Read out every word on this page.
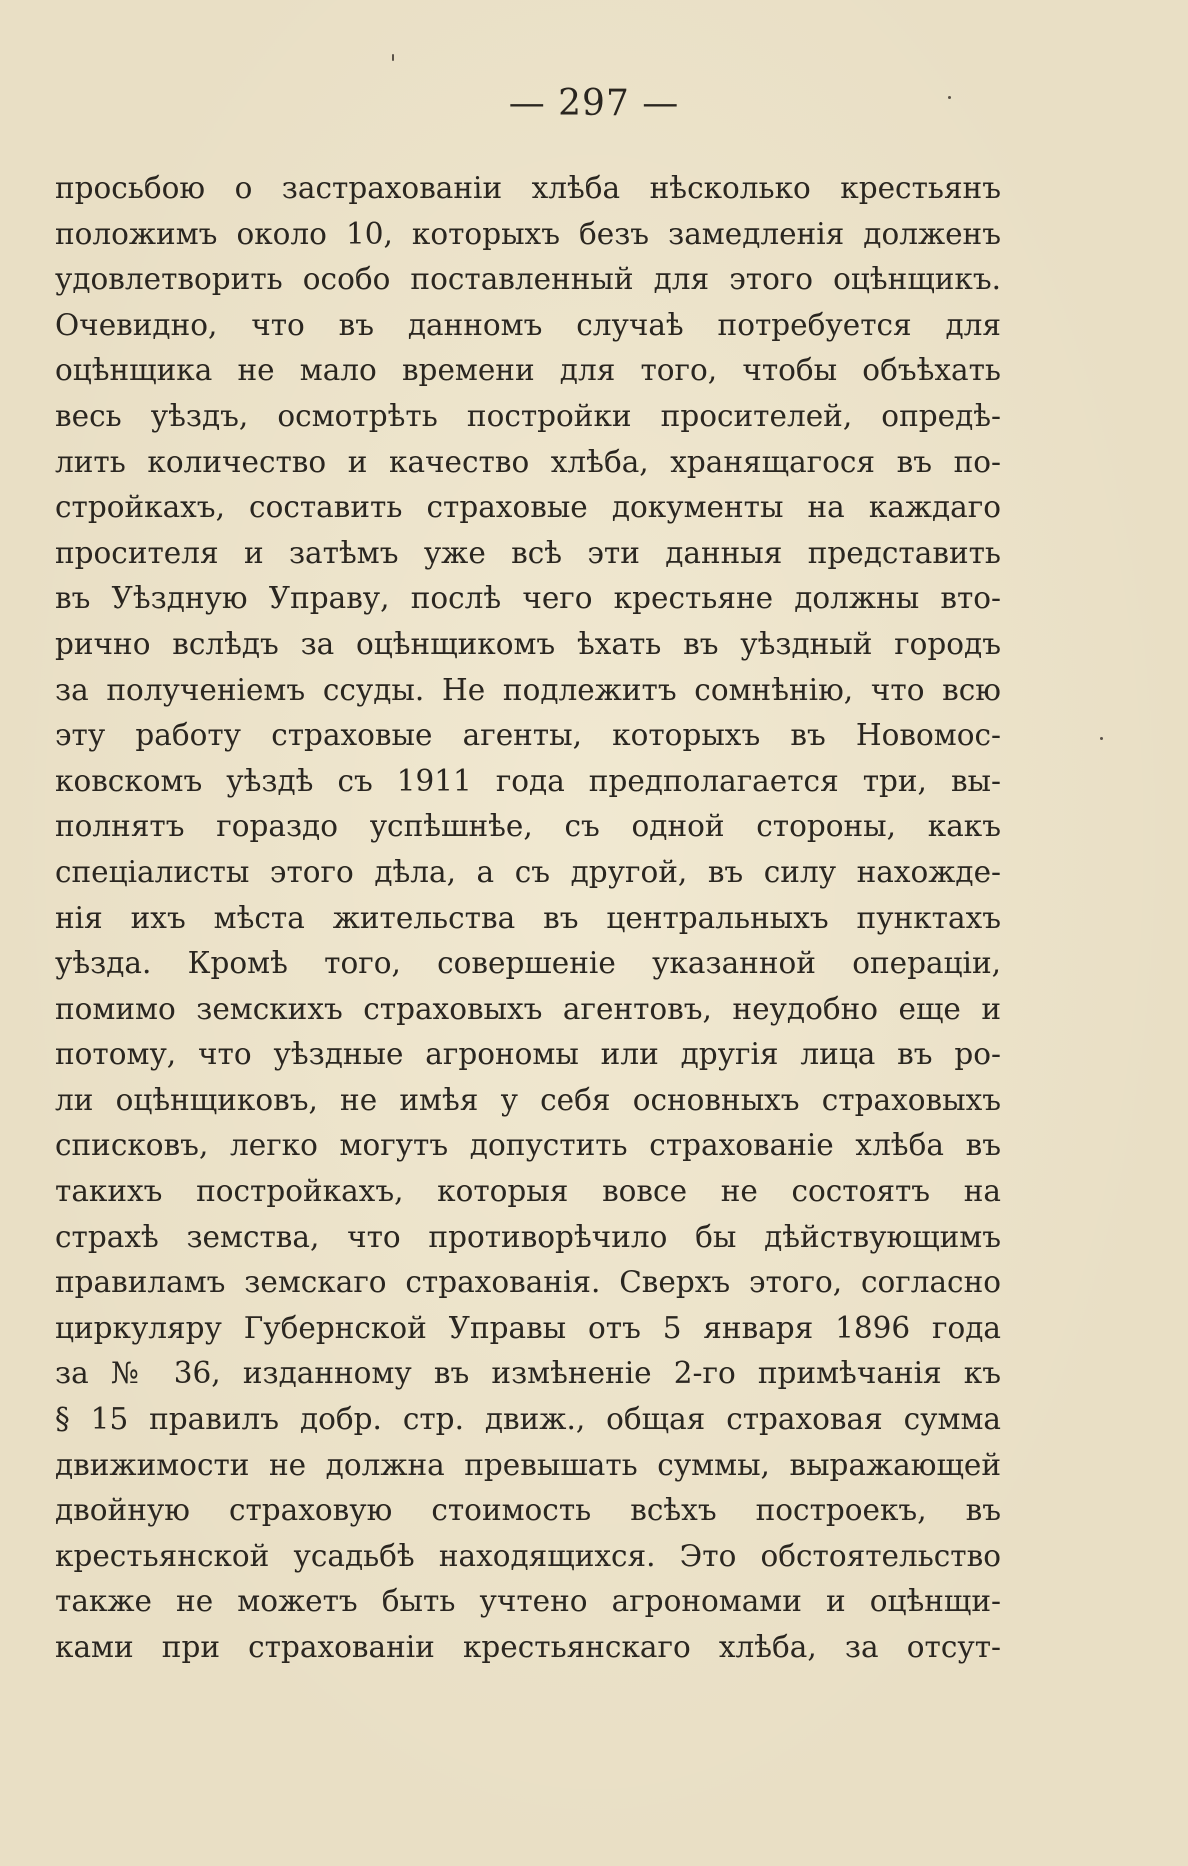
— 297 —
просьбою о застрахованіи хлѣба нѣсколько крестьянъ
положимъ около 10, которыхъ безъ замедленія долженъ
удовлетворить особо поставленный для этого оцѣнщикъ.
Очевидно, что въ данномъ случаѣ потребуется для
оцѣнщика не мало времени для того, чтобы объѣхать
весь уѣздъ, осмотрѣть постройки просителей, опредѣ-
лить количество и качество хлѣба, хранящагося въ по-
стройкахъ, составить страховые документы на каждаго
просителя и затѣмъ уже всѣ эти данныя представить
въ Уѣздную Управу, послѣ чего крестьяне должны вто-
рично вслѣдъ за оцѣнщикомъ ѣхать въ уѣздный городъ
за полученіемъ ссуды. Не подлежитъ сомнѣнію, что всю
эту работу страховые агенты, которыхъ въ Новомос-
ковскомъ уѣздѣ съ 1911 года предполагается три, вы-
полнятъ гораздо успѣшнѣе, съ одной стороны, какъ
спеціалисты этого дѣла, а съ другой, въ силу нахожде-
нія ихъ мѣста жительства въ центральныхъ пунктахъ
уѣзда. Кромѣ того, совершеніе указанной операціи,
помимо земскихъ страховыхъ агентовъ, неудобно еще и
потому, что уѣздные агрономы или другія лица въ ро-
ли оцѣнщиковъ, не имѣя у себя основныхъ страховыхъ
списковъ, легко могутъ допустить страхованіе хлѣба въ
такихъ постройкахъ, которыя вовсе не состоятъ на
страхѣ земства, что противорѣчило бы дѣйствующимъ
правиламъ земскаго страхованія. Сверхъ этого, согласно
циркуляру Губернской Управы отъ 5 января 1896 года
за № 36, изданному въ измѣненіе 2-го примѣчанія къ
§ 15 правилъ добр. стр. движ., общая страховая сумма
движимости не должна превышать суммы, выражающей
двойную страховую стоимость всѣхъ построекъ, въ
крестьянской усадьбѣ находящихся. Это обстоятельство
также не можетъ быть учтено агрономами и оцѣнщи-
ками при страхованіи крестьянскаго хлѣба, за отсут-
